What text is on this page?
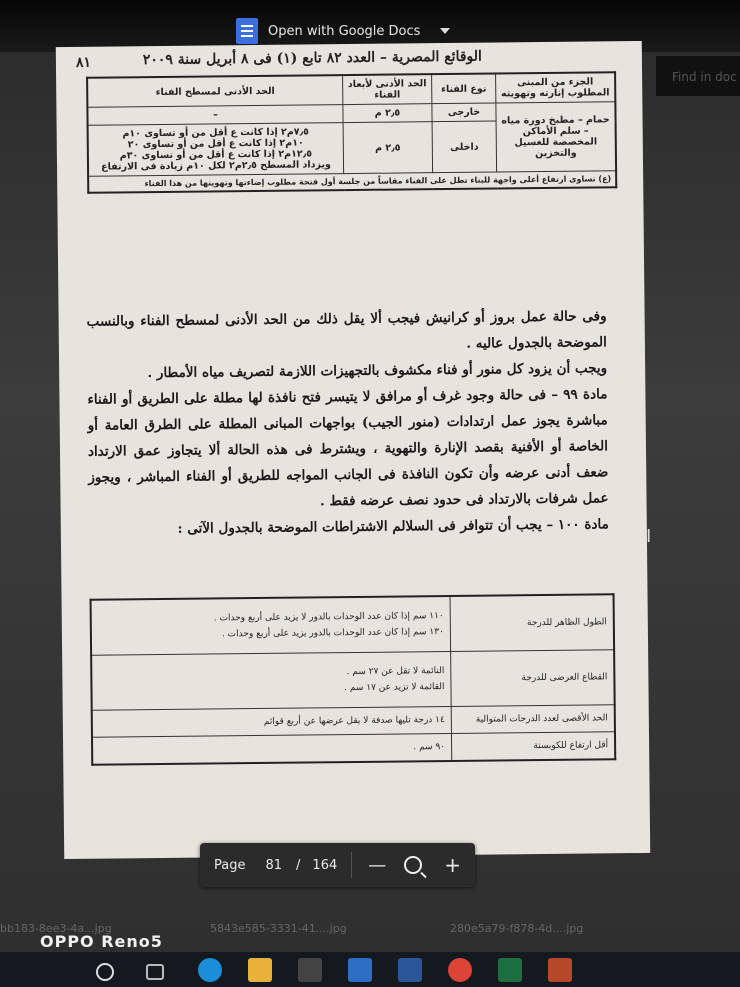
Open with Google Docs
Find in doc
٨١	الوقائع المصرية – العدد ٨٢ تابع (١) فى ٨ أبريل سنة ٢٠٠٩
الجزء من المبنى المطلوب إنارته وتهويته	نوع الفناء	الحد الأدنى لأبعاد الفناء	الحد الأدنى لمسطح الفناء
حمام – مطبخ دورة مياه – سلم الأماكن المخصصة للغسيل والتخزين	خارجى	٢٫٥ م	–
	داخلى	٢٫٥ م	٧٫٥م٢ إذا كانت ع أقل من أو تساوى ١٠م
١٠م٢ إذا كانت ع أقل من أو تساوى ٢٠
١٢٫٥م٢ إذا كانت ع أقل من أو تساوى ٣٠م
ويزداد المسطح ٢٫٥م٢ لكل ١٠م زيادة فى الارتفاع

(ع) تساوى ارتفاع أعلى واجهة للبناء تطل على الفناء مقاساً من جلسة أول فتحة مطلوب إضاءتها وتهويتها من هذا الفناء			

وفى حالة عمل بروز أو كرانيش فيجب ألا يقل ذلك من الحد الأدنى لمسطح الفناء وبالنسب الموضحة بالجدول عاليه .

ويجب أن يزود كل منور أو فناء مكشوف بالتجهيزات اللازمة لتصريف مياه الأمطار .

مادة ٩٩ – فى حالة وجود غرف أو مرافق لا يتيسر فتح نافذة لها مطلة على الطريق أو الفناء مباشرة يجوز عمل ارتدادات (منور الجيب) بواجهات المبانى المطلة على الطرق العامة أو الخاصة أو الأفنية بقصد الإنارة والتهوية ، ويشترط فى هذه الحالة ألا يتجاوز عمق الارتداد ضعف أدنى عرضه وأن تكون النافذة فى الجانب المواجه للطريق أو الفناء المباشر ، ويجوز عمل شرفات بالارتداد فى حدود نصف عرضه فقط .

مادة ١٠٠ – يجب أن تتوافر فى السلالم الاشتراطات الموضحة بالجدول الآتى :

الطول الظاهر للدرجة	١١٠ سم إذا كان عدد الوحدات بالدور لا يزيد على أربع وحدات .
١٣٠ سم إذا كان عدد الوحدات بالدور يزيد على أربع وحدات .

القطاع العرضى للدرجة	النائمة لا تقل عن ٢٧ سم .
القائمة لا تزيد عن ١٧ سم .

الحد الأقصى لعدد الدرجات المتوالية	١٤ درجة تليها صدفة لا يقل عرضها عن أربع قوائم
أقل ارتفاع للكوبستة	٩٠ سم .
I
Page 81 / 164 —	+
bb183-8ee3-4a...jpg	5843e585-3331-41....jpg	280e5a79-f878-4d....jpg
OPPO Reno5
